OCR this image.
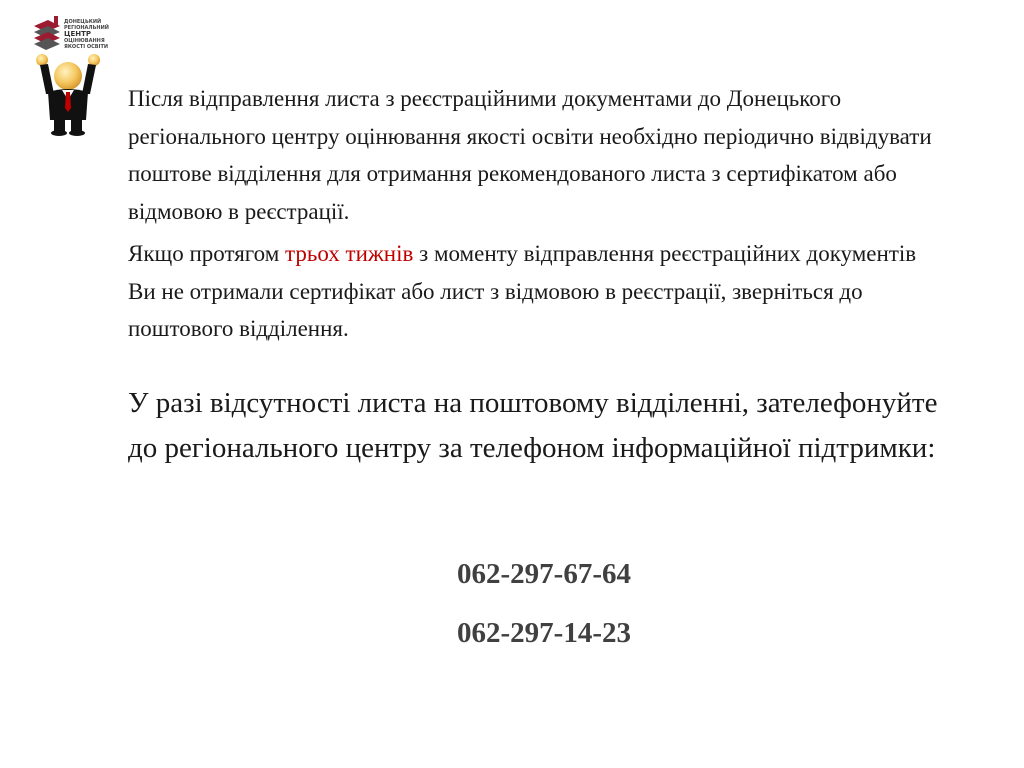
ДОНЕЦЬКИЙ
РЕГІОНАЛЬНИЙ
ЦЕНТР
ОЦІНЮВАННЯ
ЯКОСТІ ОСВІТИ

Після відправлення листа з реєстраційними документами до Донецького регіонального центру оцінювання якості освіти необхідно періодично відвідувати поштове відділення для отримання рекомендованого листа з сертифікатом або відмовою в реєстрації.

Якщо протягом трьох тижнів з моменту відправлення реєстраційних документів Ви не отримали сертифікат або лист з відмовою в реєстрації, зверніться до поштового відділення.

У разі відсутності листа на поштовому відділенні, зателефонуйте до регіонального центру за телефоном інформаційної підтримки:

062-297-67-64
062-297-14-23
